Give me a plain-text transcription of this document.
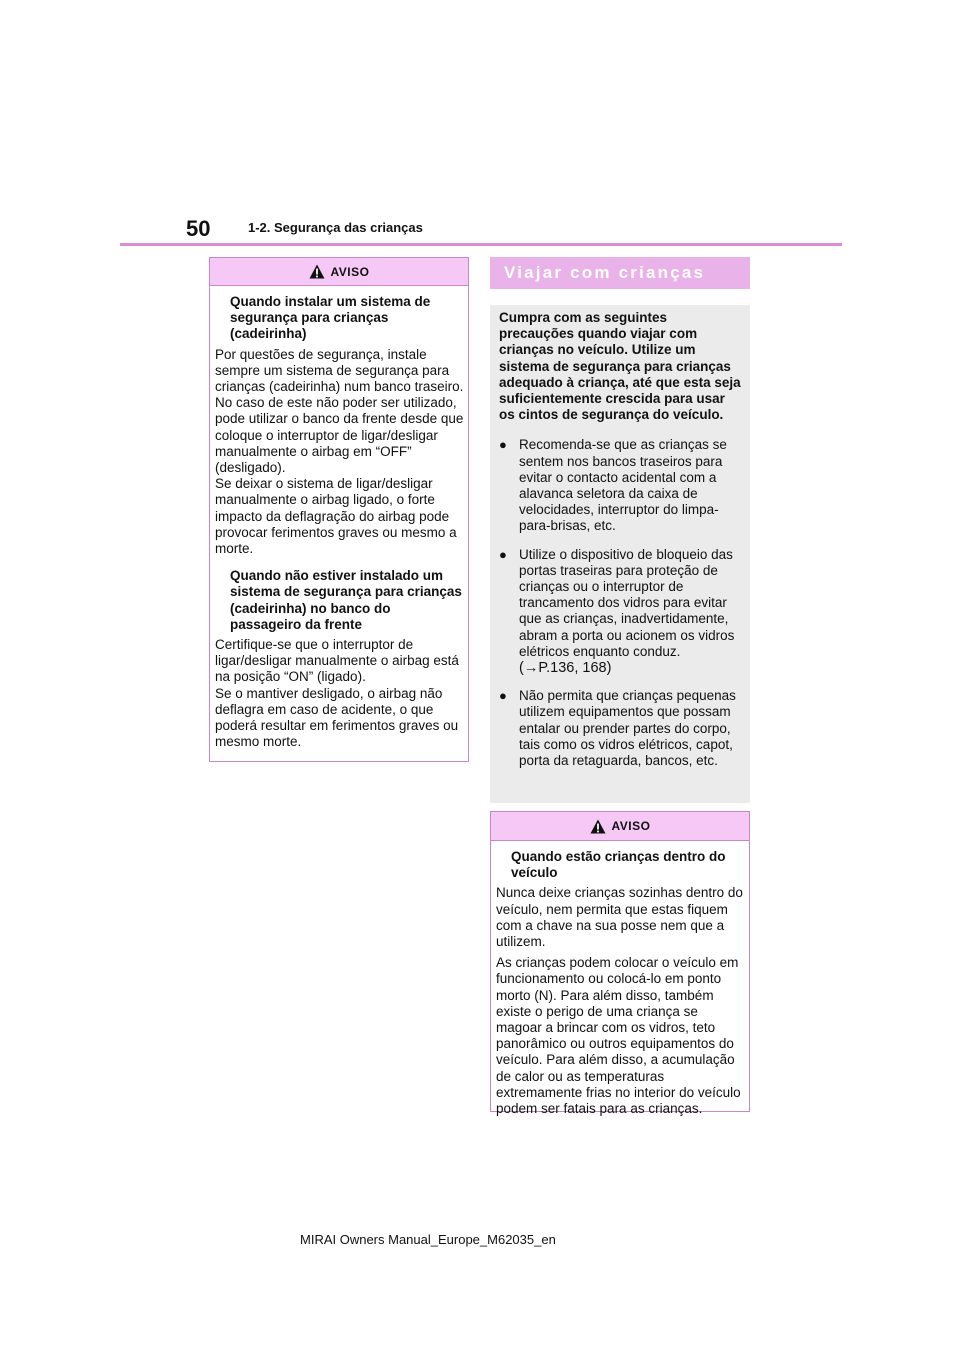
50	1-2. Segurança das crianças
AVISO
Quando instalar um sistema de segurança para crianças (cadeirinha)

Por questões de segurança, instale sempre um sistema de segurança para crianças (cadeirinha) num banco traseiro. No caso de este não poder ser utilizado, pode utilizar o banco da frente desde que coloque o interruptor de ligar/desligar manualmente o airbag em “OFF” (desligado).

Se deixar o sistema de ligar/desligar manualmente o airbag ligado, o forte impacto da deflagração do airbag pode provocar ferimentos graves ou mesmo a morte.

Quando não estiver instalado um sistema de segurança para crianças (cadeirinha) no banco do passageiro da frente

Certifique-se que o interruptor de ligar/desligar manualmente o airbag está na posição “ON” (ligado).

Se o mantiver desligado, o airbag não deflagra em caso de acidente, o que poderá resultar em ferimentos graves ou mesmo morte.

Viajar com crianças

Cumpra com as seguintes precauções quando viajar com crianças no veículo. Utilize um sistema de segurança para crianças adequado à criança, até que esta seja suficientemente crescida para usar os cintos de segurança do veículo.

● Recomenda-se que as crianças se sentem nos bancos traseiros para evitar o contacto acidental com a alavanca seletora da caixa de velocidades, interruptor do limpa-para-brisas, etc.
● Utilize o dispositivo de bloqueio das portas traseiras para proteção de crianças ou o interruptor de trancamento dos vidros para evitar que as crianças, inadvertidamente, abram a porta ou acionem os vidros elétricos enquanto conduz. (→P.136, 168)
● Não permita que crianças pequenas utilizem equipamentos que possam entalar ou prender partes do corpo, tais como os vidros elétricos, capot, porta da retaguarda, bancos, etc.
AVISO
Quando estão crianças dentro do veículo

Nunca deixe crianças sozinhas dentro do veículo, nem permita que estas fiquem com a chave na sua posse nem que a utilizem.

As crianças podem colocar o veículo em funcionamento ou colocá-lo em ponto morto (N). Para além disso, também existe o perigo de uma criança se magoar a brincar com os vidros, teto panorâmico ou outros equipamentos do veículo. Para além disso, a acumulação de calor ou as temperaturas extremamente frias no interior do veículo podem ser fatais para as crianças.

MIRAI Owners Manual_Europe_M62035_en
